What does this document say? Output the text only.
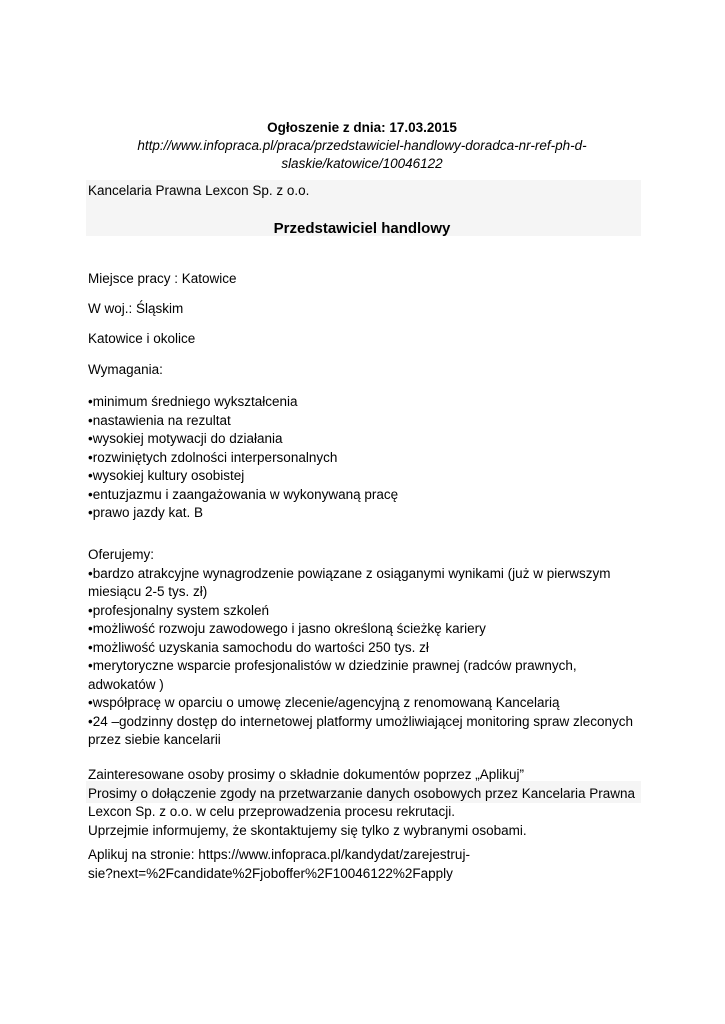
Ogłoszenie z dnia: 17.03.2015
http://www.infopraca.pl/praca/przedstawiciel-handlowy-doradca-nr-ref-ph-d-
slaskie/katowice/10046122
Kancelaria Prawna Lexcon Sp. z o.o.
Przedstawiciel handlowy
Miejsce pracy : Katowice
W woj.: Śląskim
Katowice i okolice
Wymagania:
•minimum średniego wykształcenia
•nastawienia na rezultat
•wysokiej motywacji do działania
•rozwiniętych zdolności interpersonalnych
•wysokiej kultury osobistej
•entuzjazmu i zaangażowania w wykonywaną pracę
•prawo jazdy kat. B
Oferujemy:
•bardzo atrakcyjne wynagrodzenie powiązane z osiąganymi wynikami (już w pierwszym
miesiącu 2-5 tys. zł)
•profesjonalny system szkoleń
•możliwość rozwoju zawodowego i jasno określoną ścieżkę kariery
•możliwość uzyskania samochodu do wartości 250 tys. zł
•merytoryczne wsparcie profesjonalistów w dziedzinie prawnej (radców prawnych,
adwokatów )
•współpracę w oparciu o umowę zlecenie/agencyjną z renomowaną Kancelarią
•24 –godzinny dostęp do internetowej platformy umożliwiającej monitoring spraw zleconych
przez siebie kancelarii
Zainteresowane osoby prosimy o składnie dokumentów poprzez „Aplikuj”
Prosimy o dołączenie zgody na przetwarzanie danych osobowych przez Kancelaria Prawna
Lexcon Sp. z o.o. w celu przeprowadzenia procesu rekrutacji.
Uprzejmie informujemy, że skontaktujemy się tylko z wybranymi osobami.
Aplikuj na stronie: https://www.infopraca.pl/kandydat/zarejestruj-
sie?next=%2Fcandidate%2Fjoboffer%2F10046122%2Fapply
